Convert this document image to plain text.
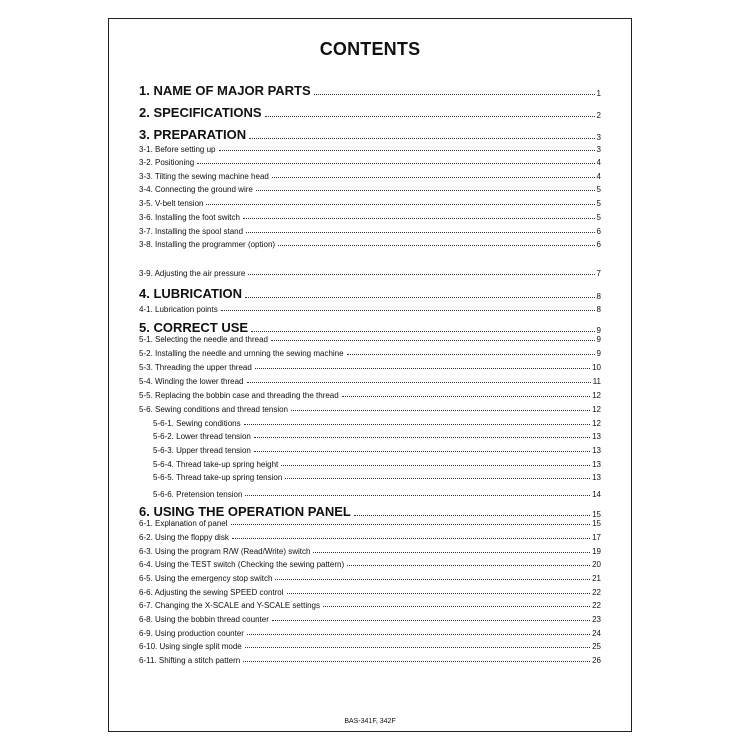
CONTENTS
1. NAME OF MAJOR PARTS	1
2. SPECIFICATIONS	2
3. PREPARATION	3
3-1. Before setting up	3
3-2. Positioning	4
3-3. Tilting the sewing machine head	4
3-4. Connecting the ground wire	5
3-5. V-belt tension	5
3-6. Installing the foot switch	5
3-7. Installing the spool stand	6
3-8. Installing the programmer (option)	6
3-9. Adjusting the air pressure	7
4. LUBRICATION	8
4-1. Lubrication points	8
5. CORRECT USE	9
5-1. Selecting the needle and thread	9
5-2. Installing the needle and urnning the sewing machine	9
5-3. Threading the upper thread	10
5-4. Winding the lower thread	11
5-5. Replacing the bobbin case and threading the thread	12
5-6. Sewing conditions and thread tension	12
5-6-1. Sewing conditions	12
5-6-2. Lower thread tension	13
5-6-3. Upper thread tension	13
5-6-4. Thread take-up spring height	13
5-6-5. Thread take-up spring tension	13
5-6-6. Pretension tension	14
6. USING THE OPERATION PANEL	15
6-1. Explanation of panel	15
6-2. Using the floppy disk	17
6-3. Using the program R/W (Read/Write) switch	19
6-4. Using the TEST switch (Checking the sewing pattern)	20
6-5. Using the emergency stop switch	21
6-6. Adjusting the sewing SPEED control	22
6-7. Changing the X-SCALE and Y-SCALE settings	22
6-8. Using the bobbin thread counter	23
6-9. Using production counter	24
6-10. Using single split mode	25
6-11. Shifting a stitch pattern	26
BAS-341F, 342F
